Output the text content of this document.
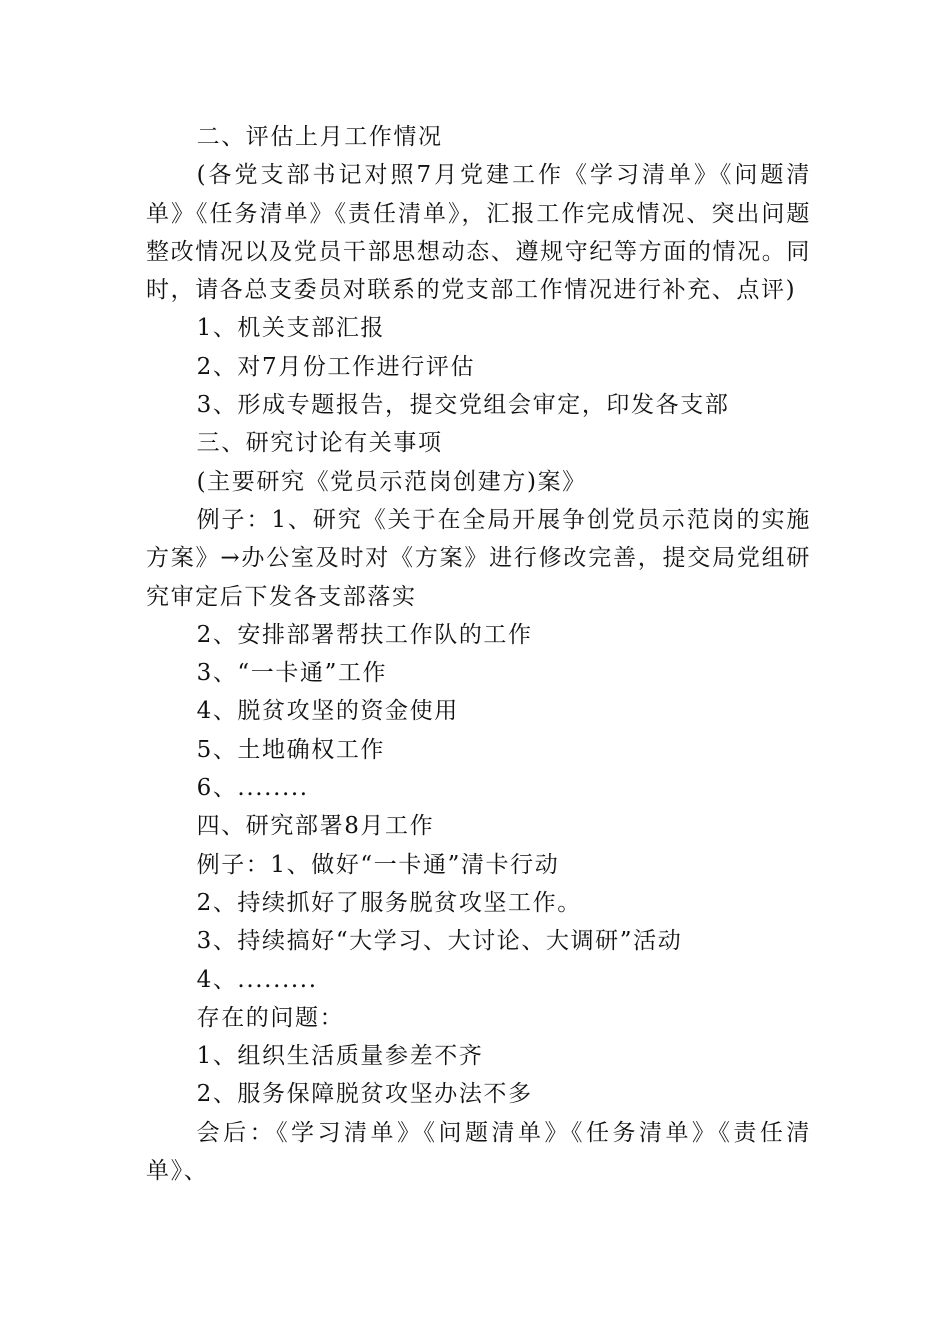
二、评估上月工作情况

(各党支部书记对照7月党建工作《学习清单》《问题清单》《任务清单》《责任清单》，汇报工作完成情况、突出问题整改情况以及党员干部思想动态、遵规守纪等方面的情况。同时，请各总支委员对联系的党支部工作情况进行补充、点评)

1、机关支部汇报

2、对7月份工作进行评估

3、形成专题报告，提交党组会审定，印发各支部

三、研究讨论有关事项

(主要研究《党员示范岗创建方)案》

例子：1、研究《关于在全局开展争创党员示范岗的实施方案》→办公室及时对《方案》进行修改完善，提交局党组研究审定后下发各支部落实

2、安排部署帮扶工作队的工作

3、“一卡通”工作

4、脱贫攻坚的资金使用

5、土地确权工作

6、........

四、研究部署8月工作

例子：1、做好“一卡通”清卡行动

2、持续抓好了服务脱贫攻坚工作。

3、持续搞好“大学习、大讨论、大调研”活动

4、.........

存在的问题：

1、组织生活质量参差不齐

2、服务保障脱贫攻坚办法不多

会后：《学习清单》《问题清单》《任务清单》《责任清单》、
